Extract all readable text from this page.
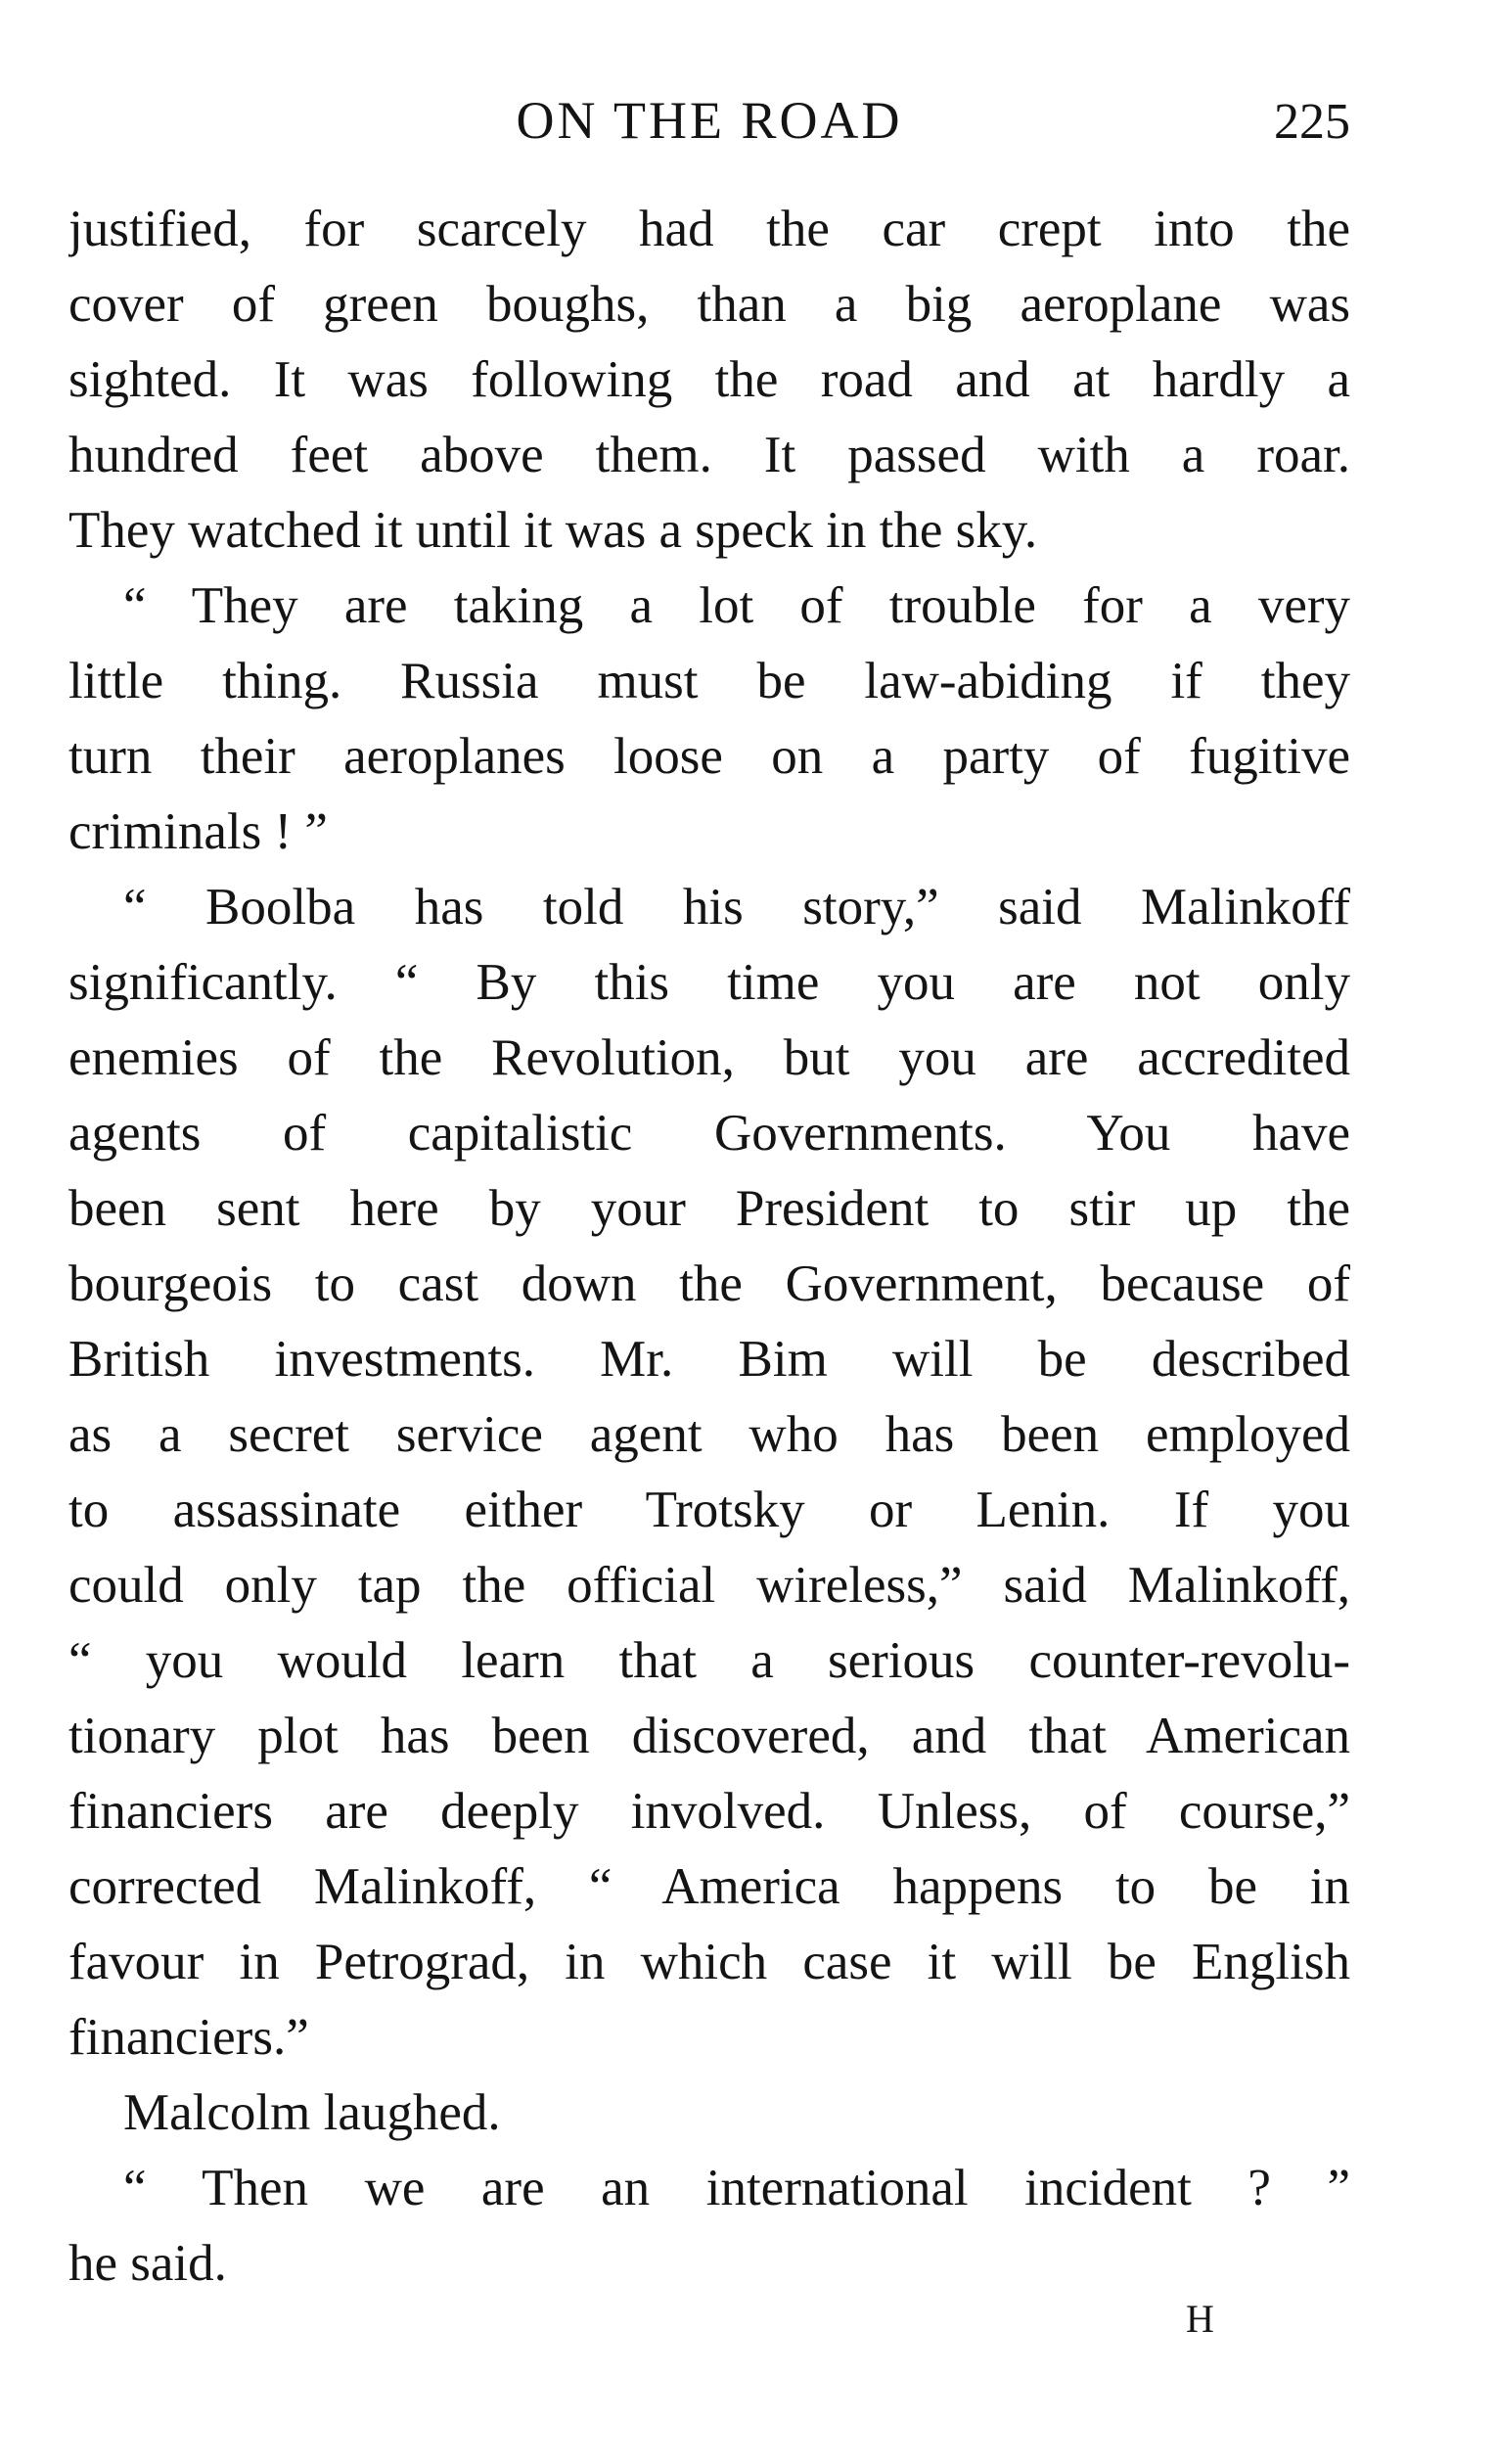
ON THE ROAD	225
justified, for scarcely had the car crept into the
cover of green boughs, than a big aeroplane was
sighted. It was following the road and at hardly a
hundred feet above them. It passed with a roar.
They watched it until it was a speck in the sky.
“ They are taking a lot of trouble for a very
little thing. Russia must be law-abiding if they
turn their aeroplanes loose on a party of fugitive
criminals ! ”
“ Boolba has told his story,” said Malinkoff
significantly. “ By this time you are not only
enemies of the Revolution, but you are accredited
agents of capitalistic Governments. You have
been sent here by your President to stir up the
bourgeois to cast down the Government, because of
British investments. Mr. Bim will be described
as a secret service agent who has been employed
to assassinate either Trotsky or Lenin. If you
could only tap the official wireless,” said Malinkoff,
“ you would learn that a serious counter-revolu-
tionary plot has been discovered, and that American
financiers are deeply involved. Unless, of course,”
corrected Malinkoff, “ America happens to be in
favour in Petrograd, in which case it will be English
financiers.”
Malcolm laughed.
“ Then we are an international incident ? ”
he said.
H
